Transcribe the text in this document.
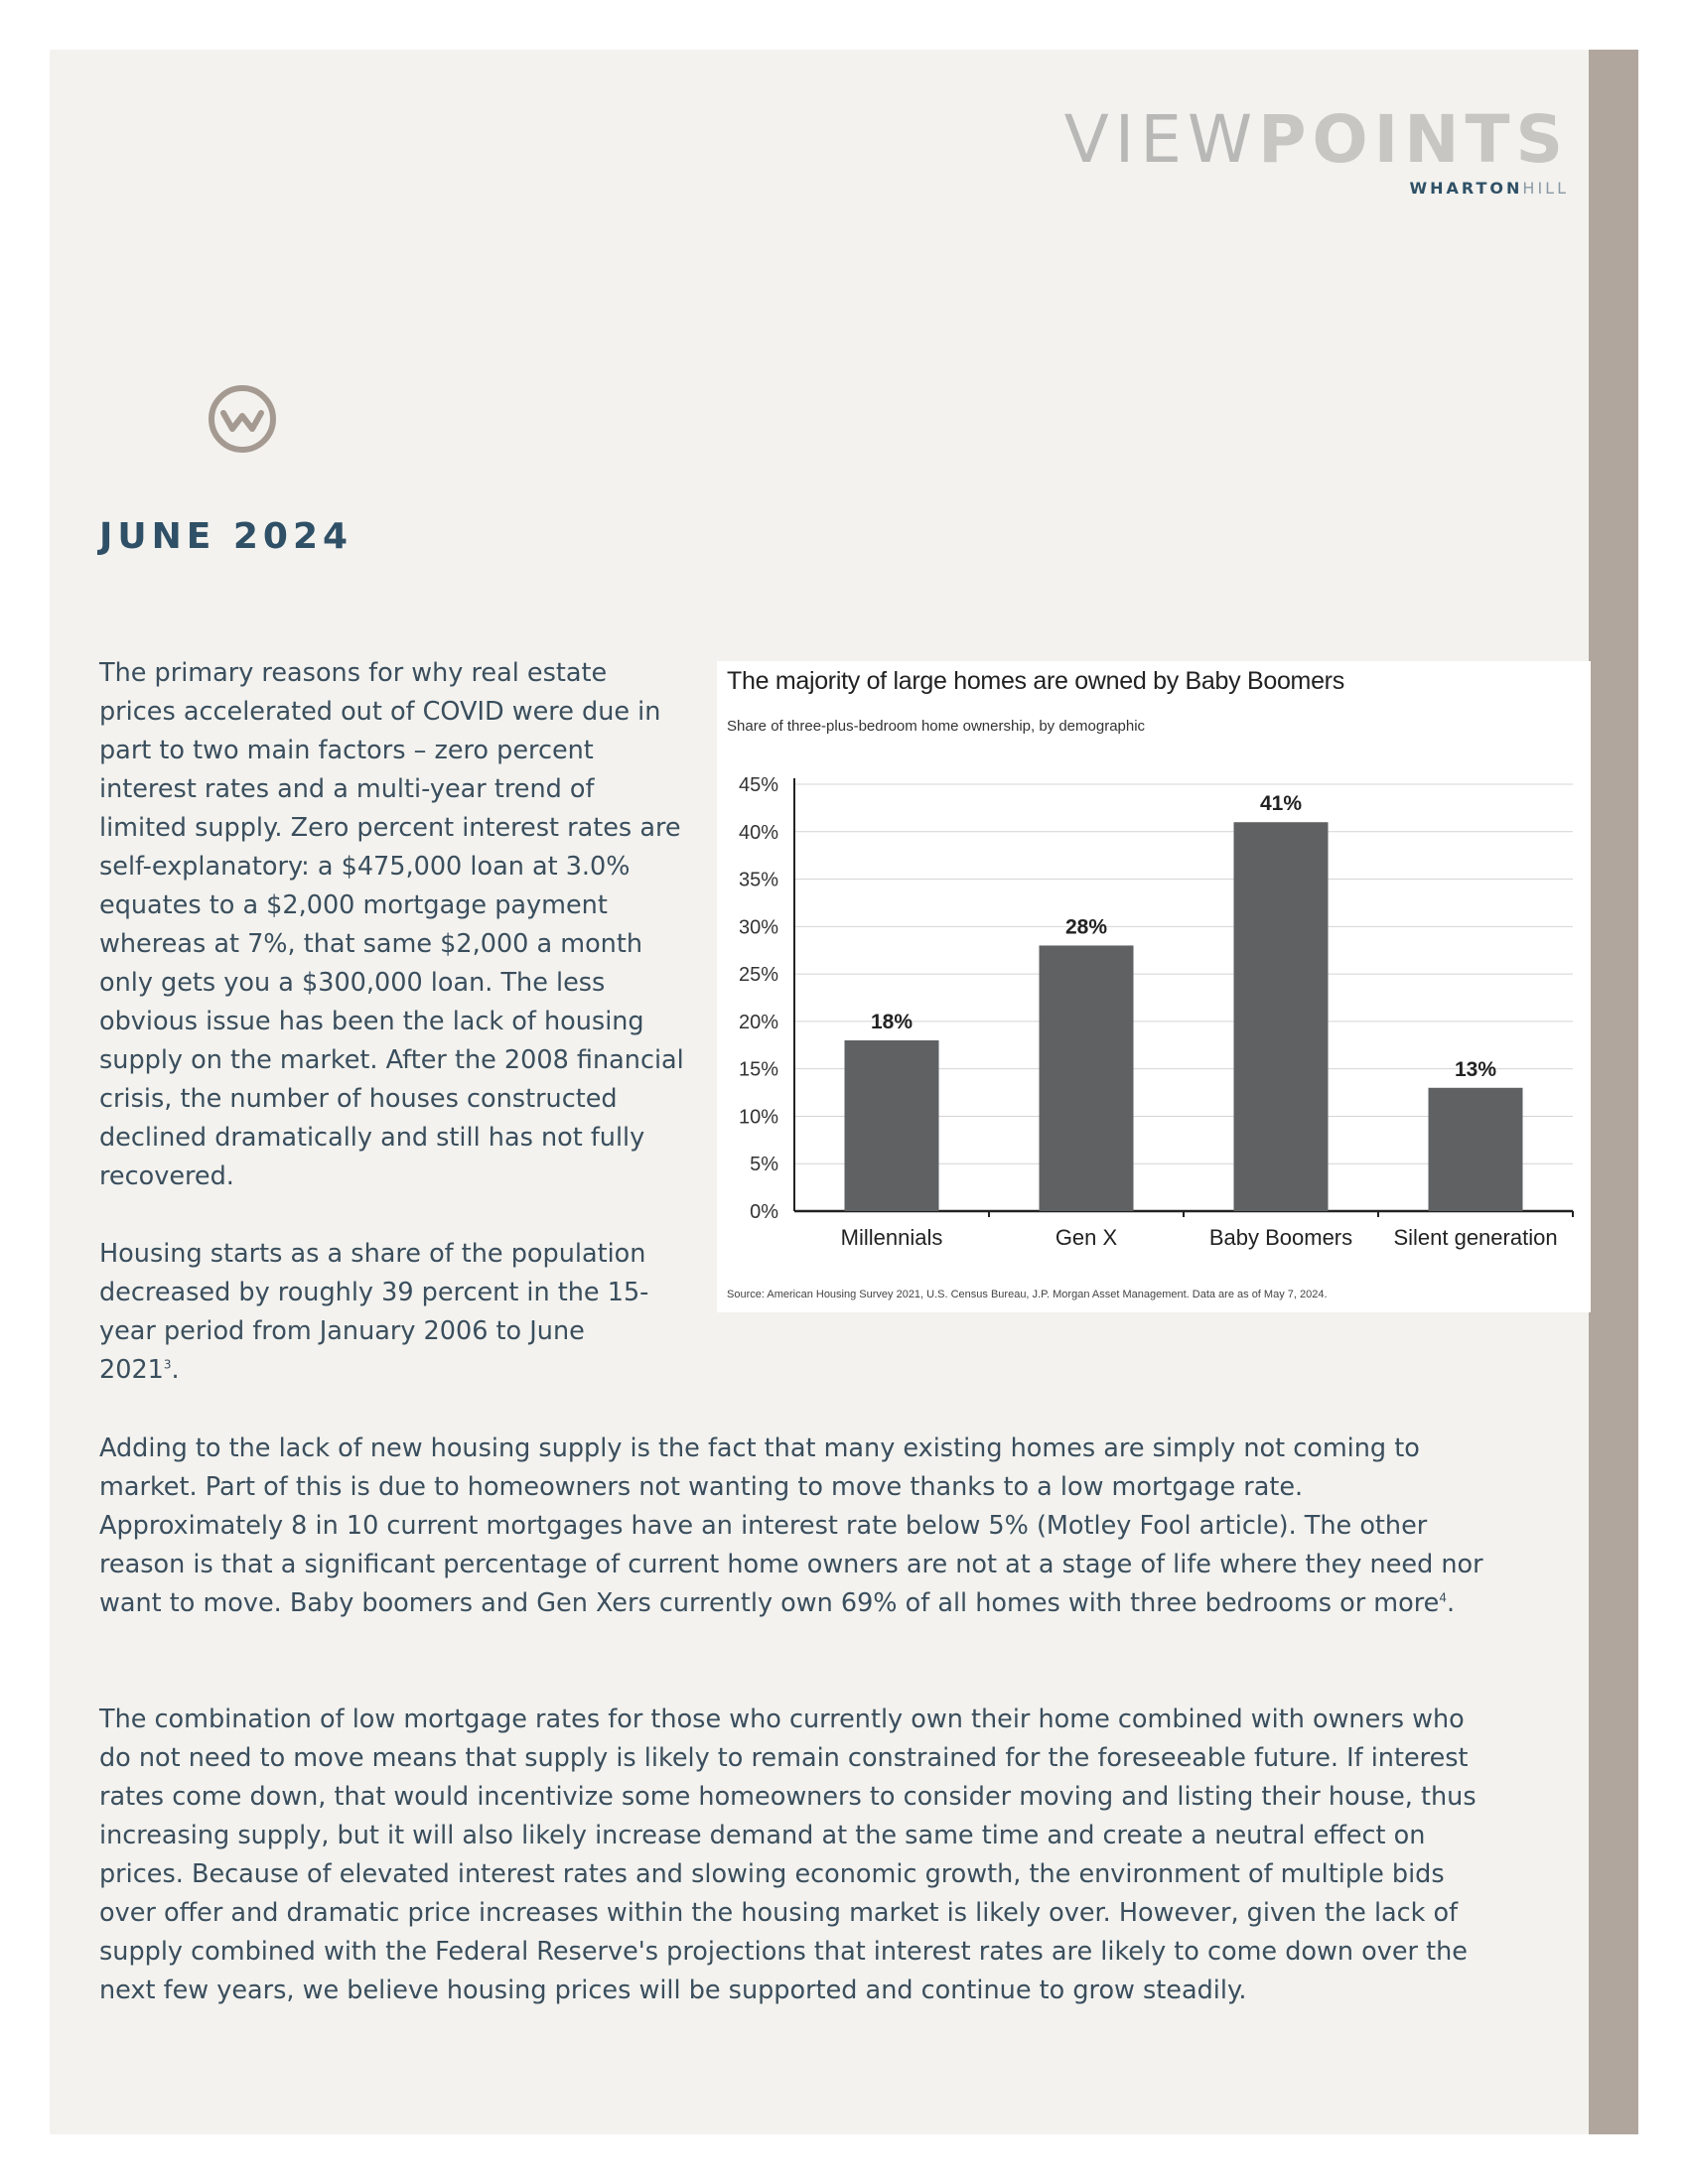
VIEWPOINTS
WHARTONHILL
JUNE 2024

The primary reasons for why real estate prices accelerated out of COVID were due in part to two main factors – zero percent interest rates and a multi-year trend of limited supply. Zero percent interest rates are self-explanatory: a $475,000 loan at 3.0% equates to a $2,000 mortgage payment whereas at 7%, that same $2,000 a month only gets you a $300,000 loan. The less obvious issue has been the lack of housing supply on the market. After the 2008 financial crisis, the number of houses constructed declined dramatically and still has not fully recovered.

Housing starts as a share of the population decreased by roughly 39 percent in the 15-year period from January 2006 to June 2021$^3$.

Adding to the lack of new housing supply is the fact that many existing homes are simply not coming to market. Part of this is due to homeowners not wanting to move thanks to a low mortgage rate. Approximately 8 in 10 current mortgages have an interest rate below 5% (Motley Fool article). The other reason is that a significant percentage of current home owners are not at a stage of life where they need nor want to move. Baby boomers and Gen Xers currently own 69% of all homes with three bedrooms or more$^4$.

The combination of low mortgage rates for those who currently own their home combined with owners who do not need to move means that supply is likely to remain constrained for the foreseeable future. If interest rates come down, that would incentivize some homeowners to consider moving and listing their house, thus increasing supply, but it will also likely increase demand at the same time and create a neutral effect on prices. Because of elevated interest rates and slowing economic growth, the environment of multiple bids over offer and dramatic price increases within the housing market is likely over. However, given the lack of supply combined with the Federal Reserve's projections that interest rates are likely to come down over the next few years, we believe housing prices will be supported and continue to grow steadily.

The majority of large homes are owned by Baby Boomers
Share of three-plus-bedroom home ownership, by demographic
0%
5%
10%
15%
20%
25%
30%
35%
40%
45%
18%
Millennials
28%
Gen X
41%
Baby Boomers
13%
Silent generation
Source: American Housing Survey 2021, U.S. Census Bureau, J.P. Morgan Asset Management. Data are as of May 7, 2024.
